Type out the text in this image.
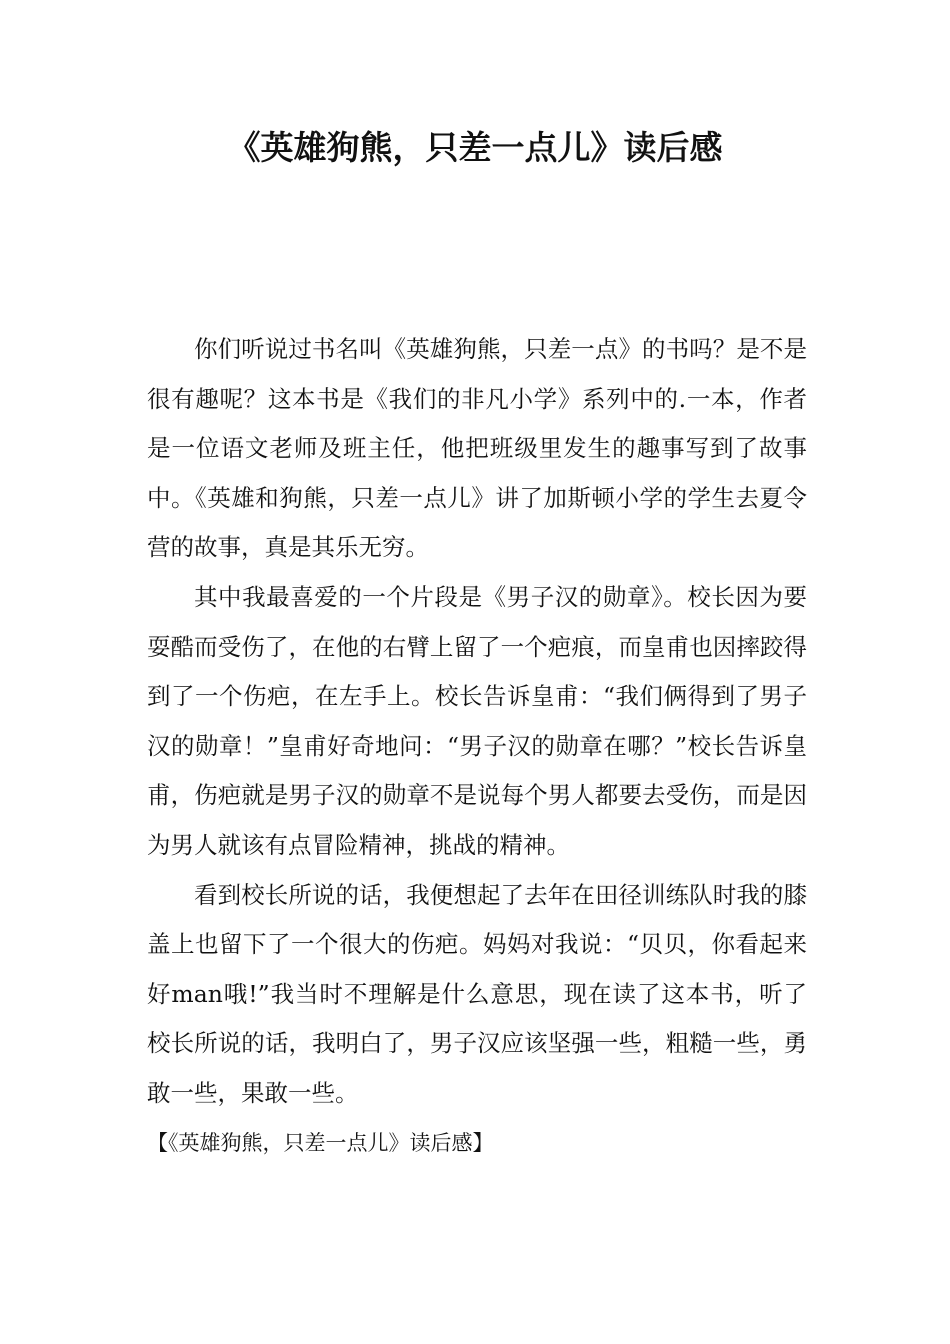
《英雄狗熊，只差一点儿》读后感

你们听说过书名叫《英雄狗熊，只差一点》的书吗？是不是很有趣呢？这本书是《我们的非凡小学》系列中的.一本，作者是一位语文老师及班主任，他把班级里发生的趣事写到了故事中。《英雄和狗熊，只差一点儿》讲了加斯顿小学的学生去夏令营的故事，真是其乐无穷。

其中我最喜爱的一个片段是《男子汉的勋章》。校长因为要耍酷而受伤了，在他的右臂上留了一个疤痕，而皇甫也因摔跤得到了一个伤疤，在左手上。校长告诉皇甫：“我们俩得到了男子汉的勋章！”皇甫好奇地问：“男子汉的勋章在哪？”校长告诉皇甫，伤疤就是男子汉的勋章不是说每个男人都要去受伤，而是因为男人就该有点冒险精神，挑战的精神。

看到校长所说的话，我便想起了去年在田径训练队时我的膝盖上也留下了一个很大的伤疤。妈妈对我说：“贝贝，你看起来好man哦!”我当时不理解是什么意思，现在读了这本书，听了校长所说的话，我明白了，男子汉应该坚强一些，粗糙一些，勇敢一些，果敢一些。

【《英雄狗熊，只差一点儿》读后感】
